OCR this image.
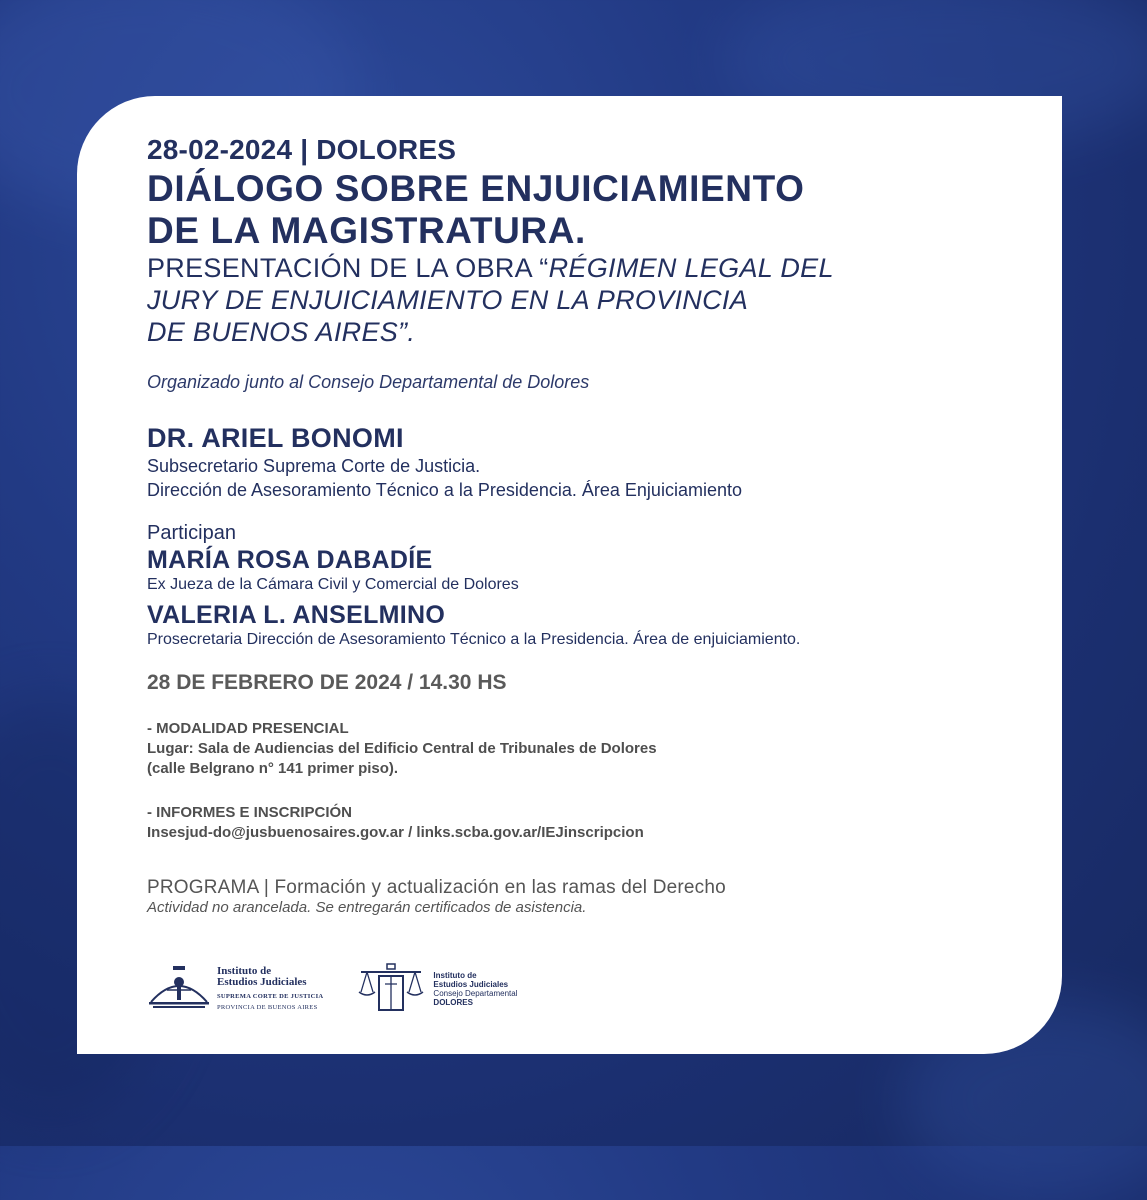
28-02-2024 | DOLORES

DIÁLOGO SOBRE ENJUICIAMIENTO

DE LA MAGISTRATURA.

PRESENTACIÓN DE LA OBRA “RÉGIMEN LEGAL DEL

JURY DE ENJUICIAMIENTO EN LA PROVINCIA

DE BUENOS AIRES”.

Organizado junto al Consejo Departamental de Dolores

DR. ARIEL BONOMI

Subsecretario Suprema Corte de Justicia.

Dirección de Asesoramiento Técnico a la Presidencia. Área Enjuiciamiento

Participan

MARÍA ROSA DABADÍE

Ex Jueza de la Cámara Civil y Comercial de Dolores

VALERIA L. ANSELMINO

Prosecretaria Dirección de Asesoramiento Técnico a la Presidencia. Área de enjuiciamiento.

28 DE FEBRERO DE 2024 / 14.30 HS

- MODALIDAD PRESENCIAL

Lugar: Sala de Audiencias del Edificio Central de Tribunales de Dolores

(calle Belgrano n° 141 primer piso).

- INFORMES E INSCRIPCIÓN

Insesjud-do@jusbuenosaires.gov.ar / links.scba.gov.ar/IEJinscripcion

PROGRAMA | Formación y actualización en las ramas del Derecho

Actividad no arancelada. Se entregarán certificados de asistencia.

Instituto de
Estudios Judiciales
SUPREMA CORTE DE JUSTICIA
PROVINCIA DE BUENOS AIRES
Instituto de
Estudios Judiciales
Consejo Departamental
DOLORES
